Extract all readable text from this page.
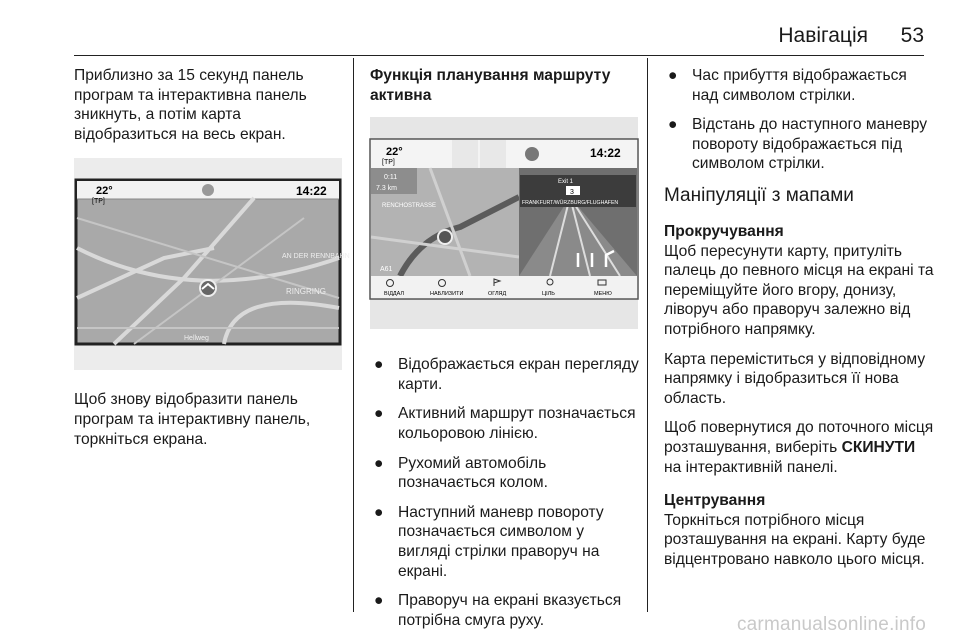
Навігація 53

Приблизно за 15 секунд панель програм та інтерактивна панель зникнуть, а потім карта відобразиться на весь екран.

22°
[TP]
14:22
AN DER RENNBAHN
RINGRING
Hellweg

Щоб знову відобразити панель програм та інтерактивну панель, торкніться екрана.

Функція планування маршруту активна

22°
[TP]
14:22
0:11
7.3 km
RENCHOSTRASSE
A61
Exit 1
3
FRANKFURT/WÜRZBURG/FLUGHAFEN
ВІДДАЛ	НАБЛИЗИТИ	ОГЛЯД	ЦІЛЬ	МЕНЮ
● Відображається екран перегляду карти.
● Активний маршрут позначається кольоровою лінією.
● Рухомий автомобіль позначається колом.
● Наступний маневр повороту позначається символом у вигляді стрілки праворуч на екрані.
● Праворуч на екрані вказується потрібна смуга руху.
● Час прибуття відображається над символом стрілки.
● Відстань до наступного маневру повороту відображається під символом стрілки.
Маніпуляції з мапами
Прокручування

Щоб пересунути карту, притуліть палець до певного місця на екрані та переміщуйте його вгору, донизу, ліворуч або праворуч залежно від потрібного напрямку.

Карта переміститься у відповідному напрямку і відобразиться її нова область.

Щоб повернутися до поточного місця розташування, виберіть СКИНУТИ на інтерактивній панелі.

Центрування

Торкніться потрібного місця розташування на екрані. Карту буде відцентровано навколо цього місця.

carmanualsonline.info
